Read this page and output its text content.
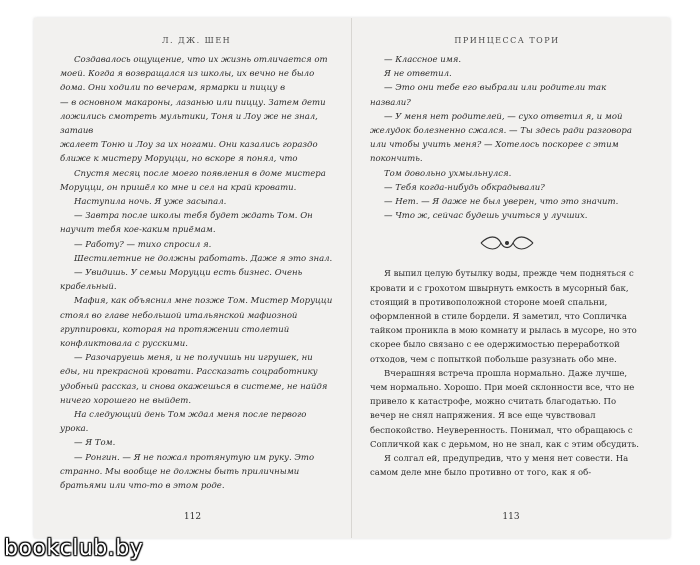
Л. ДЖ. ШЕН

Создавалось ощущение, что их жизнь отличается от моей. Когда я возвращался из школы, их вечно не было дома. Они ходили по вечерам, ярмарки и пиццу в

— в основном макароны, лазанью или пиццу. Затем дети ложились смотреть мультики, Тоня и Лоу же не знал, затаив

жалеет Тоню и Лоу за их ногами. Они казались гораздо ближе к мистеру Моруцци, но вскоре я понял, что

Спустя месяц после моего появления в доме мистера Моруцци, он пришёл ко мне и сел на край кровати.

Наступила ночь. Я уже засыпал.

— Завтра после школы тебя будет ждать Том. Он научит тебя кое-каким приёмам.

— Работу? — тихо спросил я.

Шестилетние не должны работать. Даже я это знал.

— Увидишь. У семьи Моруцци есть бизнес. Очень крабельный.

Мафия, как объяснил мне позже Том. Мистер Моруцци стоял во главе небольшой итальянской мафиозной группировки, которая на протяжении столетий конфликтовала с русскими.

— Разочаруешь меня, и не получишь ни игрушек, ни еды, ни прекрасной кровати. Рассказать соцработнику удобный рассказ, и снова окажешься в системе, не найдя ничего хорошего не выйдет.

На следующий день Том ждал меня после первого урока.

— Я Том.

— Ронгин. — Я не пожал протянутую им руку. Это странно. Мы вообще не должны быть приличными братьями или что-то в этом роде.

112
ПРИНЦЕССА ТОРИ

— Классное имя.

Я не ответил.

— Это они тебе его выбрали или родители так назвали?

— У меня нет родителей, — сухо ответил я, и мой желудок болезненно сжался. — Ты здесь ради разговора или чтобы учить меня? — Хотелось поскорее с этим покончить.

Том довольно ухмыльнулся.

— Тебя когда-нибудь обкрадывали?

— Нет. — Я даже не был уверен, что это значит.

— Что ж, сейчас будешь учиться у лучших.

Я выпил целую бутылку воды, прежде чем подняться с кровати и с грохотом швырнуть емкость в мусорный бак, стоящий в противоположной стороне моей спальни, оформленной в стиле бордели. Я заметил, что Сопличка тайком проникла в мою комнату и рылась в мусоре, но это скорее было связано с ее одержимостью переработкой отходов, чем с попыткой побольше разузнать обо мне.

Вчерашняя встреча прошла нормально. Даже лучше, чем нормально. Хорошо. При моей склонности все, что не привело к катастрофе, можно считать благодатью. По вечер не снял напряжения. Я все еще чувствовал беспокойство. Неуверенность. Понимал, что обращаюсь с Сопличкой как с дерьмом, но не знал, как с этим обсудить.

Я солгал ей, предупредив, что у меня нет совести. На самом деле мне было противно от того, как я об-

113
bookclub.by
